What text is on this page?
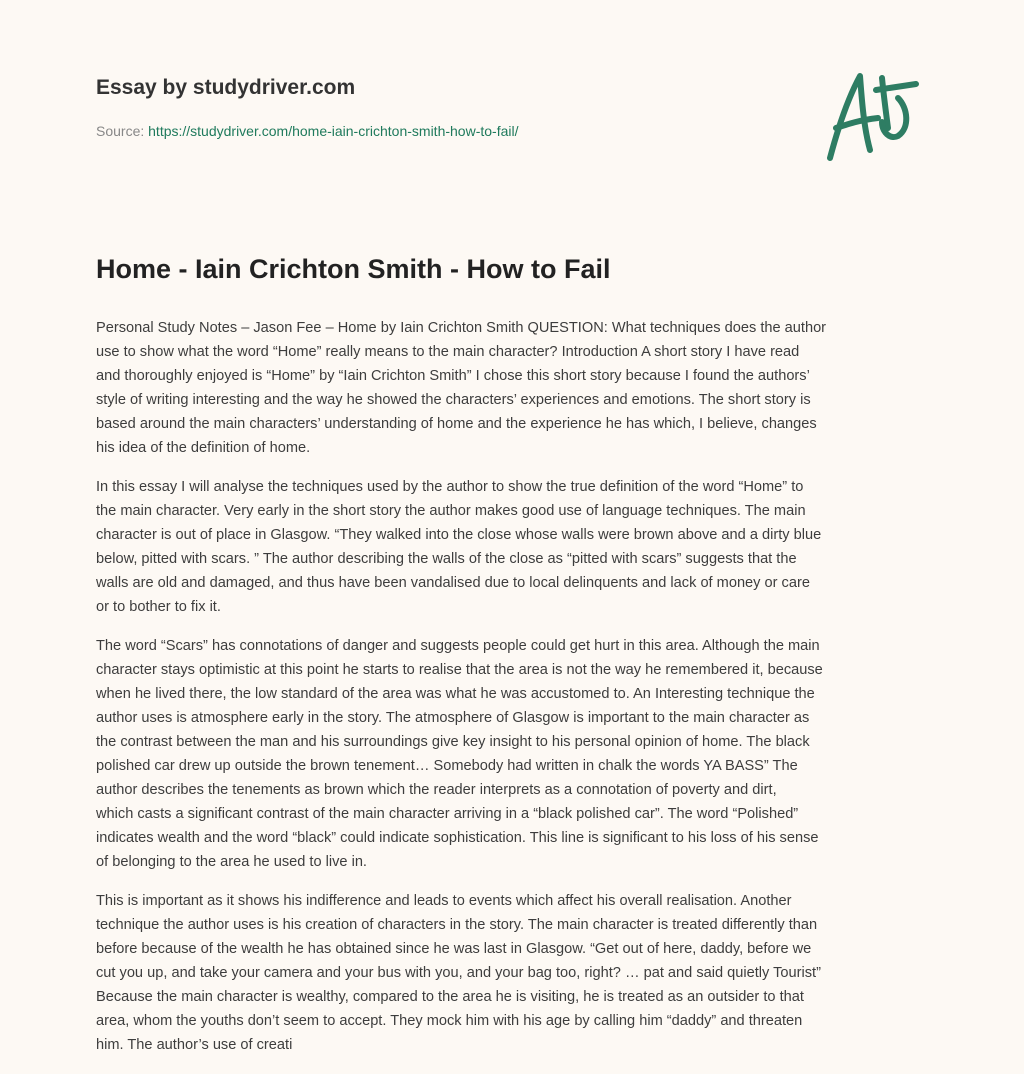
Essay by studydriver.com
Source: https://studydriver.com/home-iain-crichton-smith-how-to-fail/
Home - Iain Crichton Smith - How to Fail

Personal Study Notes – Jason Fee – Home by Iain Crichton Smith QUESTION: What techniques does the author
use to show what the word “Home” really means to the main character? Introduction A short story I have read
and thoroughly enjoyed is “Home” by “Iain Crichton Smith” I chose this short story because I found the authors’
style of writing interesting and the way he showed the characters’ experiences and emotions. The short story is
based around the main characters’ understanding of home and the experience he has which, I believe, changes
his idea of the definition of home.

In this essay I will analyse the techniques used by the author to show the true definition of the word “Home” to
the main character. Very early in the short story the author makes good use of language techniques. The main
character is out of place in Glasgow. “They walked into the close whose walls were brown above and a dirty blue
below, pitted with scars. ” The author describing the walls of the close as “pitted with scars” suggests that the
walls are old and damaged, and thus have been vandalised due to local delinquents and lack of money or care
or to bother to fix it.

The word “Scars” has connotations of danger and suggests people could get hurt in this area. Although the main
character stays optimistic at this point he starts to realise that the area is not the way he remembered it, because
when he lived there, the low standard of the area was what he was accustomed to. An Interesting technique the
author uses is atmosphere early in the story. The atmosphere of Glasgow is important to the main character as
the contrast between the man and his surroundings give key insight to his personal opinion of home. The black
polished car drew up outside the brown tenement… Somebody had written in chalk the words YA BASS” The
author describes the tenements as brown which the reader interprets as a connotation of poverty and dirt,
which casts a significant contrast of the main character arriving in a “black polished car”. The word “Polished”
indicates wealth and the word “black” could indicate sophistication. This line is significant to his loss of his sense
of belonging to the area he used to live in.

This is important as it shows his indifference and leads to events which affect his overall realisation. Another
technique the author uses is his creation of characters in the story. The main character is treated differently than
before because of the wealth he has obtained since he was last in Glasgow. “Get out of here, daddy, before we
cut you up, and take your camera and your bus with you, and your bag too, right? … pat and said quietly Tourist”
Because the main character is wealthy, compared to the area he is visiting, he is treated as an outsider to that
area, whom the youths don’t seem to accept. They mock him with his age by calling him “daddy” and threaten
him. The author’s use of creati
